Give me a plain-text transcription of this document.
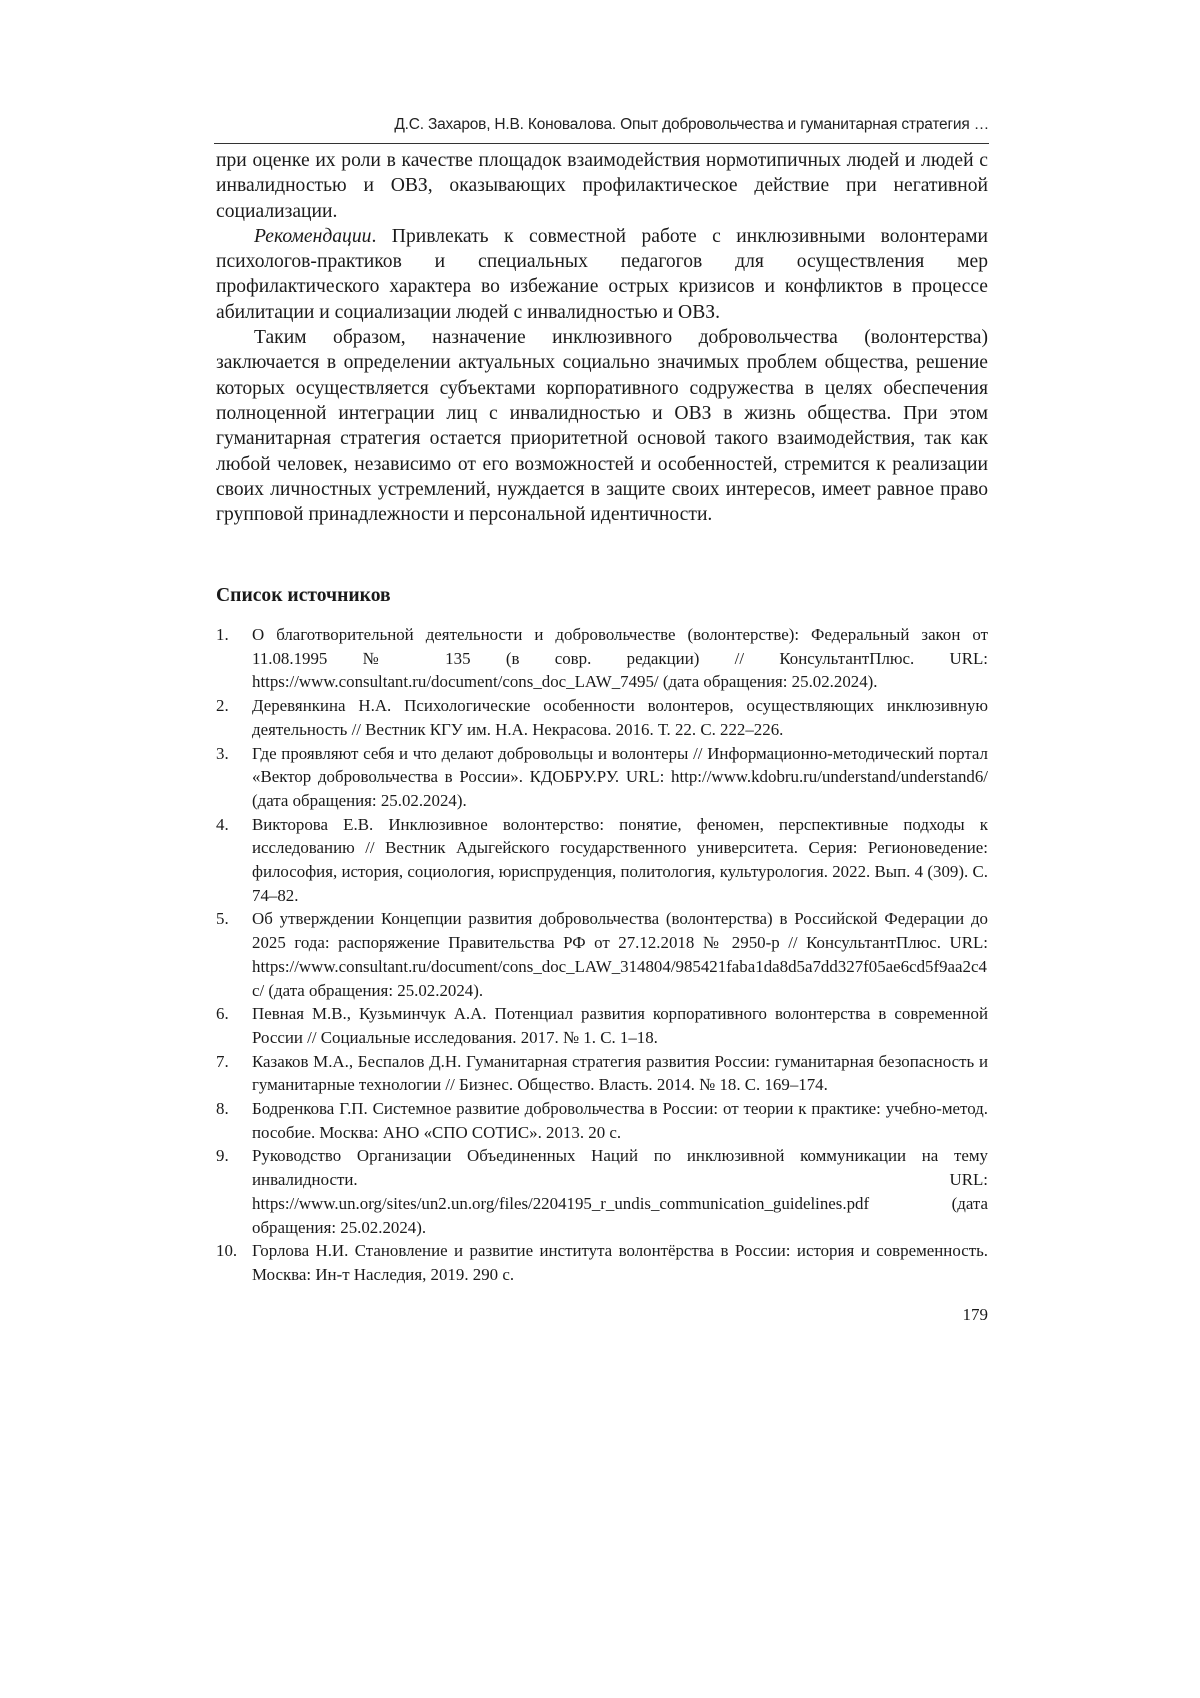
Д.С. Захаров, Н.В. Коновалова. Опыт добровольчества и гуманитарная стратегия …

при оценке их роли в качестве площадок взаимодействия нормотипичных людей и людей с инвалидностью и ОВЗ, оказывающих профилактическое действие при негативной социализации.

Рекомендации. Привлекать к совместной работе с инклюзивными волонтерами психологов-практиков и специальных педагогов для осуществления мер профилактического характера во избежание острых кризисов и конфликтов в процессе абилитации и социализации людей с инвалидностью и ОВЗ.

Таким образом, назначение инклюзивного добровольчества (волонтерства) заключается в определении актуальных социально значимых проблем общества, решение которых осуществляется субъектами корпоративного содружества в целях обеспечения полноценной интеграции лиц с инвалидностью и ОВЗ в жизнь общества. При этом гуманитарная стратегия остается приоритетной основой такого взаимодействия, так как любой человек, независимо от его возможностей и особенностей, стремится к реализации своих личностных устремлений, нуждается в защите своих интересов, имеет равное право групповой принадлежности и персональной идентичности.

Список источников
1. О благотворительной деятельности и добровольчестве (волонтерстве): Федеральный закон от 11.08.1995 № 135 (в совр. редакции) // КонсультантПлюс. URL: https://www.consultant.ru/document/cons_doc_LAW_7495/ (дата обращения: 25.02.2024).
2. Деревянкина Н.А. Психологические особенности волонтеров, осуществляющих инклюзивную деятельность // Вестник КГУ им. Н.А. Некрасова. 2016. Т. 22. С. 222–226.
3. Где проявляют себя и что делают добровольцы и волонтеры // Информационно-методический портал «Вектор добровольчества в России». КДОБРУ.РУ. URL: http://www.kdobru.ru/understand/understand6/ (дата обращения: 25.02.2024).
4. Викторова Е.В. Инклюзивное волонтерство: понятие, феномен, перспективные подходы к исследованию // Вестник Адыгейского государственного университета. Серия: Регионоведение: философия, история, социология, юриспруденция, политология, культурология. 2022. Вып. 4 (309). С. 74–82.
5. Об утверждении Концепции развития добровольчества (волонтерства) в Российской Федерации до 2025 года: распоряжение Правительства РФ от 27.12.2018 № 2950-р // КонсультантПлюс. URL: https://www.consultant.ru/document/cons_doc_LAW_314804/985421faba1da8d5a7dd327f05ae6cd5f9aa2c4c/ (дата обращения: 25.02.2024).
6. Певная М.В., Кузьминчук А.А. Потенциал развития корпоративного волонтерства в современной России // Социальные исследования. 2017. № 1. С. 1–18.
7. Казаков М.А., Беспалов Д.Н. Гуманитарная стратегия развития России: гуманитарная безопасность и гуманитарные технологии // Бизнес. Общество. Власть. 2014. № 18. С. 169–174.
8. Бодренкова Г.П. Системное развитие добровольчества в России: от теории к практике: учебно-метод. пособие. Москва: АНО «СПО СОТИС». 2013. 20 с.
9. Руководство Организации Объединенных Наций по инклюзивной коммуникации на тему инвалидности. URL: https://www.un.org/sites/un2.un.org/files/2204195_r_undis_communication_guidelines.pdf (дата обращения: 25.02.2024).
10. Горлова Н.И. Становление и развитие института волонтёрства в России: история и современность. Москва: Ин-т Наследия, 2019. 290 с.
179
